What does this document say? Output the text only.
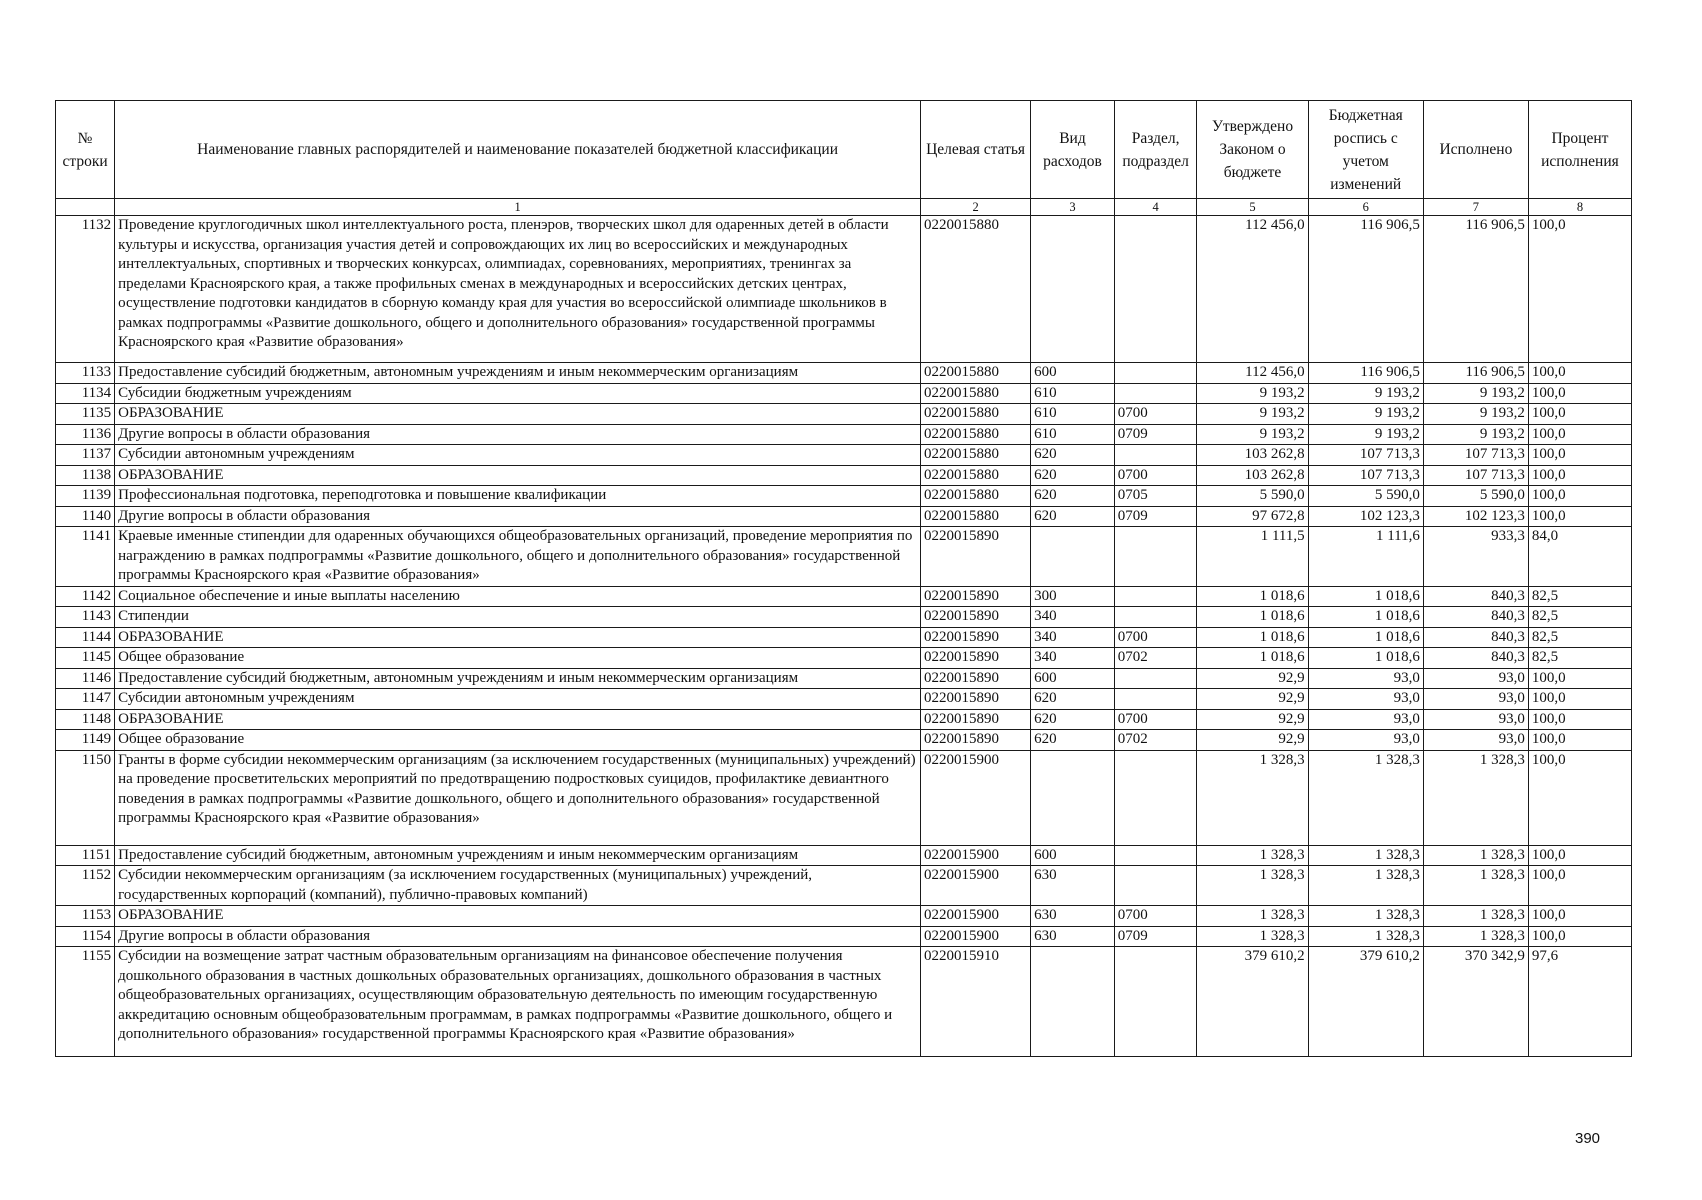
№ строки	Наименование главных распорядителей и наименование показателей бюджетной классификации	Целевая статья	Вид расходов	Раздел, подраздел	Утверждено Законом о бюджете	Бюджетная роспись с учетом изменений	Исполнено	Процент исполнения
	1	2	3	4	5	6	7	8
1132	Проведение круглогодичных школ интеллектуального роста, пленэров, творческих школ для одаренных детей в области культуры и искусства, организация участия детей и сопровождающих их лиц во всероссийских и международных интеллектуальных, спортивных и творческих конкурсах, олимпиадах, соревнованиях, мероприятиях, тренингах за пределами Красноярского края, а также профильных сменах в международных и всероссийских детских центрах, осуществление подготовки кандидатов в сборную команду края для участия во всероссийской олимпиаде школьников в рамках подпрограммы «Развитие дошкольного, общего и дополнительного образования» государственной программы Красноярского края «Развитие образования»	0220015880			112 456,0	116 906,5	116 906,5	100,0
1133	Предоставление субсидий бюджетным, автономным учреждениям и иным некоммерческим организациям	0220015880	600		112 456,0	116 906,5	116 906,5	100,0
1134	Субсидии бюджетным учреждениям	0220015880	610		9 193,2	9 193,2	9 193,2	100,0
1135	ОБРАЗОВАНИЕ	0220015880	610	0700	9 193,2	9 193,2	9 193,2	100,0
1136	Другие вопросы в области образования	0220015880	610	0709	9 193,2	9 193,2	9 193,2	100,0
1137	Субсидии автономным учреждениям	0220015880	620		103 262,8	107 713,3	107 713,3	100,0
1138	ОБРАЗОВАНИЕ	0220015880	620	0700	103 262,8	107 713,3	107 713,3	100,0
1139	Профессиональная подготовка, переподготовка и повышение квалификации	0220015880	620	0705	5 590,0	5 590,0	5 590,0	100,0
1140	Другие вопросы в области образования	0220015880	620	0709	97 672,8	102 123,3	102 123,3	100,0
1141	Краевые именные стипендии для одаренных обучающихся общеобразовательных организаций, проведение мероприятия по награждению в рамках подпрограммы «Развитие дошкольного, общего и дополнительного образования» государственной программы Красноярского края «Развитие образования»	0220015890			1 111,5	1 111,6	933,3	84,0
1142	Социальное обеспечение и иные выплаты населению	0220015890	300		1 018,6	1 018,6	840,3	82,5
1143	Стипендии	0220015890	340		1 018,6	1 018,6	840,3	82,5
1144	ОБРАЗОВАНИЕ	0220015890	340	0700	1 018,6	1 018,6	840,3	82,5
1145	Общее образование	0220015890	340	0702	1 018,6	1 018,6	840,3	82,5
1146	Предоставление субсидий бюджетным, автономным учреждениям и иным некоммерческим организациям	0220015890	600		92,9	93,0	93,0	100,0
1147	Субсидии автономным учреждениям	0220015890	620		92,9	93,0	93,0	100,0
1148	ОБРАЗОВАНИЕ	0220015890	620	0700	92,9	93,0	93,0	100,0
1149	Общее образование	0220015890	620	0702	92,9	93,0	93,0	100,0
1150	Гранты в форме субсидии некоммерческим организациям (за исключением государственных (муниципальных) учреждений) на проведение просветительских мероприятий по предотвращению подростковых суицидов, профилактике девиантного поведения в рамках подпрограммы «Развитие дошкольного, общего и дополнительного образования» государственной программы Красноярского края «Развитие образования»	0220015900			1 328,3	1 328,3	1 328,3	100,0
1151	Предоставление субсидий бюджетным, автономным учреждениям и иным некоммерческим организациям	0220015900	600		1 328,3	1 328,3	1 328,3	100,0
1152	Субсидии некоммерческим организациям (за исключением государственных (муниципальных) учреждений, государственных корпораций (компаний), публично-правовых компаний)	0220015900	630		1 328,3	1 328,3	1 328,3	100,0
1153	ОБРАЗОВАНИЕ	0220015900	630	0700	1 328,3	1 328,3	1 328,3	100,0
1154	Другие вопросы в области образования	0220015900	630	0709	1 328,3	1 328,3	1 328,3	100,0
1155	Субсидии на возмещение затрат частным образовательным организациям на финансовое обеспечение получения дошкольного образования в частных дошкольных образовательных организациях, дошкольного образования в частных общеобразовательных организациях, осуществляющим образовательную деятельность по имеющим государственную аккредитацию основным общеобразовательным программам, в рамках подпрограммы «Развитие дошкольного, общего и дополнительного образования» государственной программы Красноярского края «Развитие образования»	0220015910			379 610,2	379 610,2	370 342,9	97,6
390
